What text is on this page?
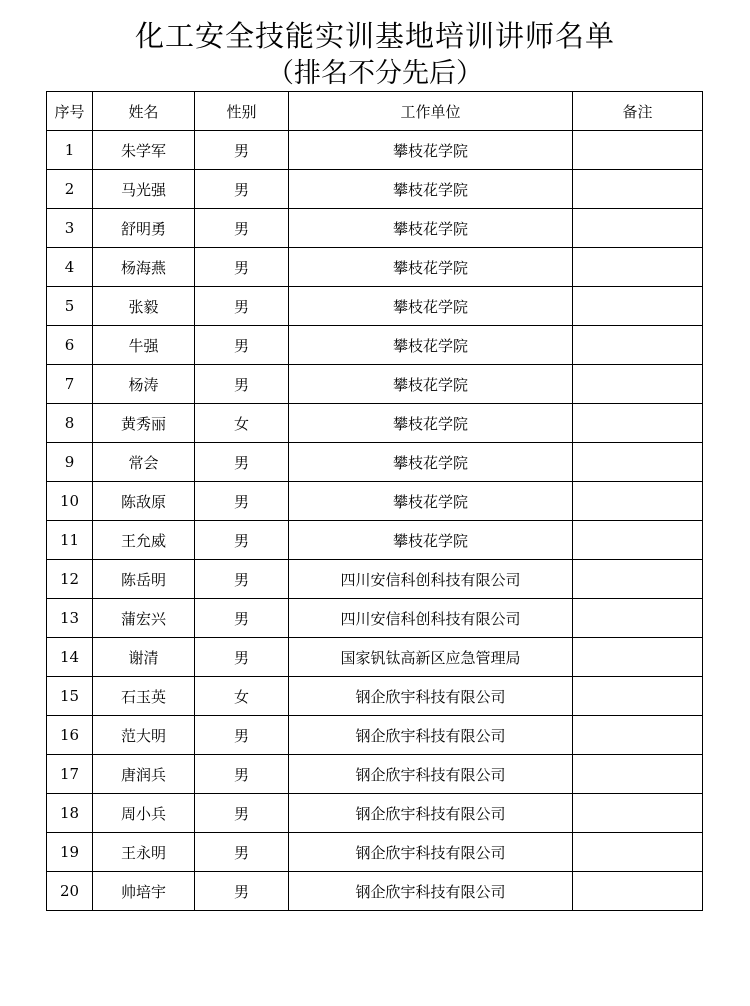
化工安全技能实训基地培训讲师名单
（排名不分先后）
序号	姓名	性别	工作单位	备注
1	朱学军	男	攀枝花学院	
2	马光强	男	攀枝花学院	
3	舒明勇	男	攀枝花学院	
4	杨海燕	男	攀枝花学院	
5	张毅	男	攀枝花学院	
6	牛强	男	攀枝花学院	
7	杨涛	男	攀枝花学院	
8	黄秀丽	女	攀枝花学院	
9	常会	男	攀枝花学院	
10	陈敌原	男	攀枝花学院	
11	王允威	男	攀枝花学院	
12	陈岳明	男	四川安信科创科技有限公司	
13	蒲宏兴	男	四川安信科创科技有限公司	
14	谢清	男	国家钒钛高新区应急管理局	
15	石玉英	女	钢企欣宇科技有限公司	
16	范大明	男	钢企欣宇科技有限公司	
17	唐润兵	男	钢企欣宇科技有限公司	
18	周小兵	男	钢企欣宇科技有限公司	
19	王永明	男	钢企欣宇科技有限公司	
20	帅培宇	男	钢企欣宇科技有限公司	
